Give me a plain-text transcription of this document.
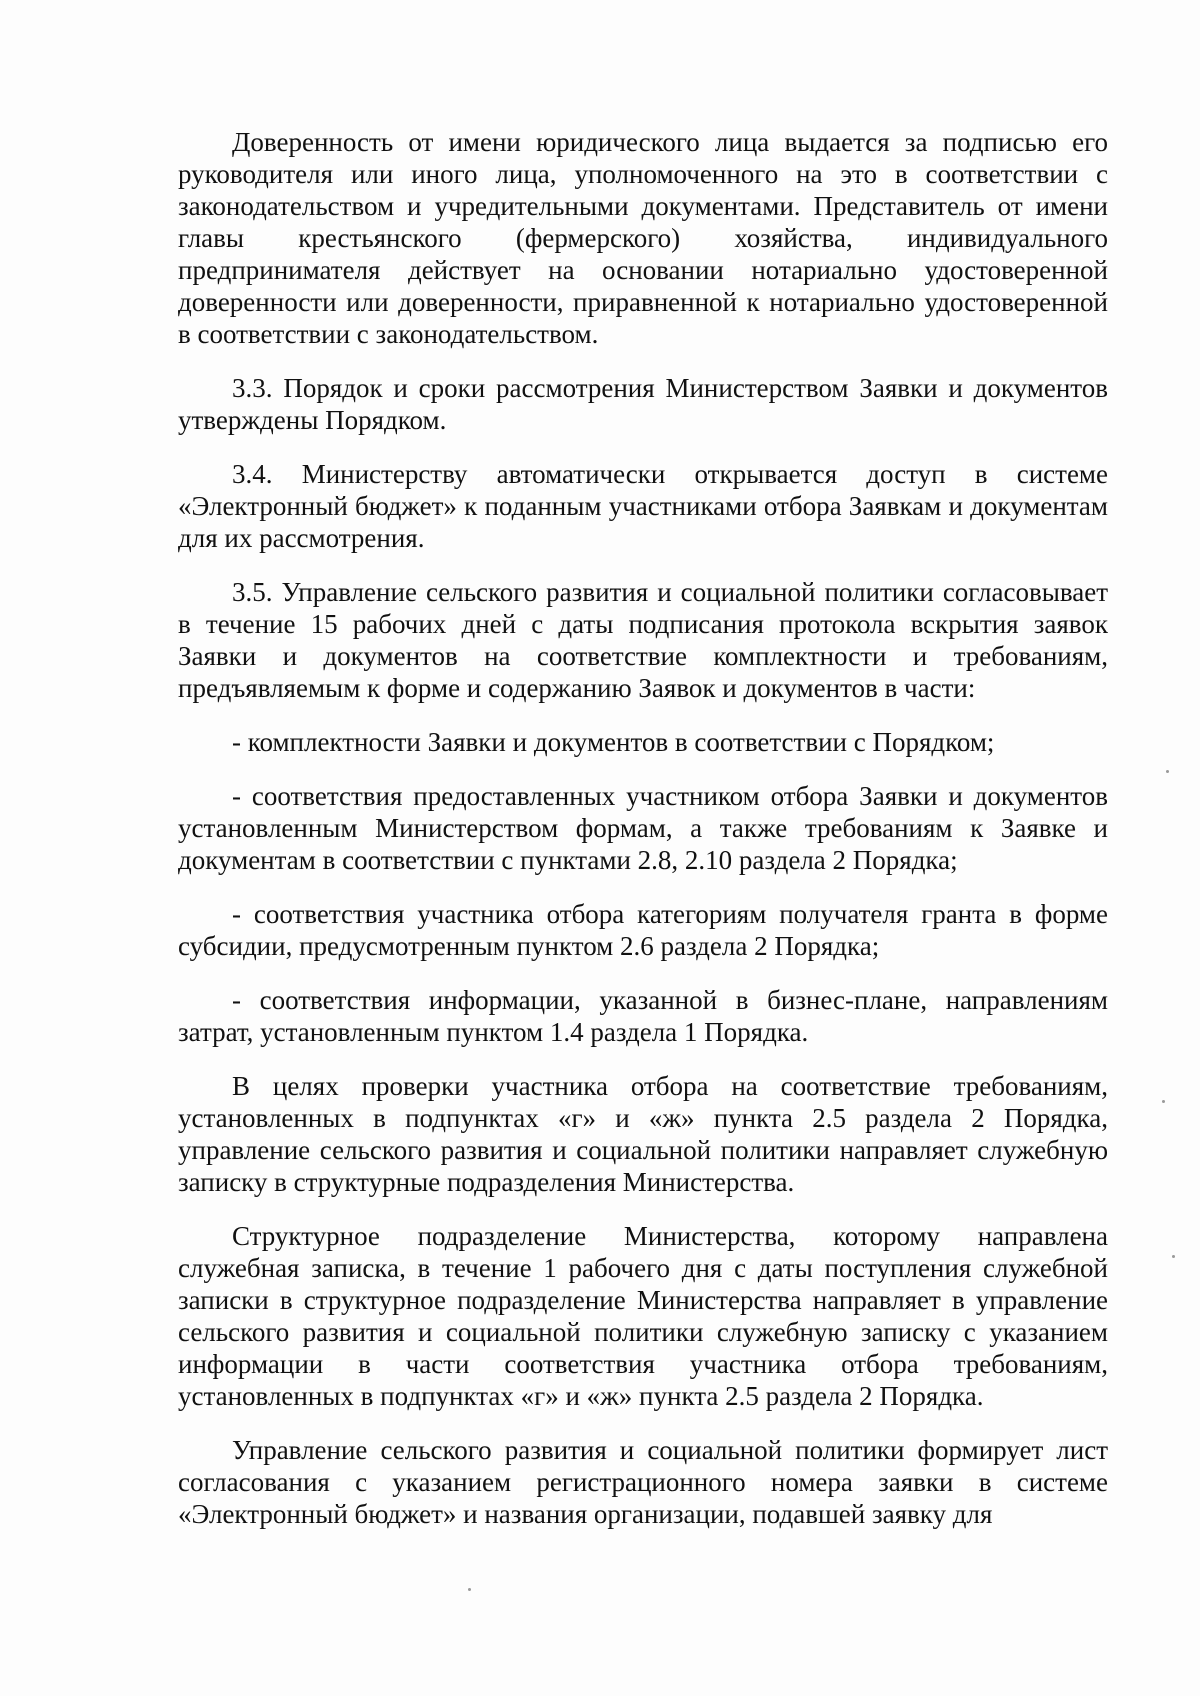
Доверенность от имени юридического лица выдается за подписью его руководителя или иного лица, уполномоченного на это в соответствии с законодательством и учредительными документами. Представитель от имени главы крестьянского (фермерского) хозяйства, индивидуального предпринимателя действует на основании нотариально удостоверенной доверенности или доверенности, приравненной к нотариально удостоверенной в соответствии с законодательством.

3.3. Порядок и сроки рассмотрения Министерством Заявки и документов утверждены Порядком.

3.4. Министерству автоматически открывается доступ в системе «Электронный бюджет» к поданным участниками отбора Заявкам и документам для их рассмотрения.

3.5. Управление сельского развития и социальной политики согласовывает в течение 15 рабочих дней с даты подписания протокола вскрытия заявок Заявки и документов на соответствие комплектности и требованиям, предъявляемым к форме и содержанию Заявок и документов в части:

- комплектности Заявки и документов в соответствии с Порядком;

- соответствия предоставленных участником отбора Заявки и документов установленным Министерством формам, а также требованиям к Заявке и документам в соответствии с пунктами 2.8, 2.10 раздела 2 Порядка;

- соответствия участника отбора категориям получателя гранта в форме субсидии, предусмотренным пунктом 2.6 раздела 2 Порядка;

- соответствия информации, указанной в бизнес-плане, направлениям затрат, установленным пунктом 1.4 раздела 1 Порядка.

В целях проверки участника отбора на соответствие требованиям, установленных в подпунктах «г» и «ж» пункта 2.5 раздела 2 Порядка, управление сельского развития и социальной политики направляет служебную записку в структурные подразделения Министерства.

Структурное подразделение Министерства, которому направлена служебная записка, в течение 1 рабочего дня с даты поступления служебной записки в структурное подразделение Министерства направляет в управление сельского развития и социальной политики служебную записку с указанием информации в части соответствия участника отбора требованиям, установленных в подпунктах «г» и «ж» пункта 2.5 раздела 2 Порядка.

Управление сельского развития и социальной политики формирует лист согласования с указанием регистрационного номера заявки в системе «Электронный бюджет» и названия организации, подавшей заявку для
